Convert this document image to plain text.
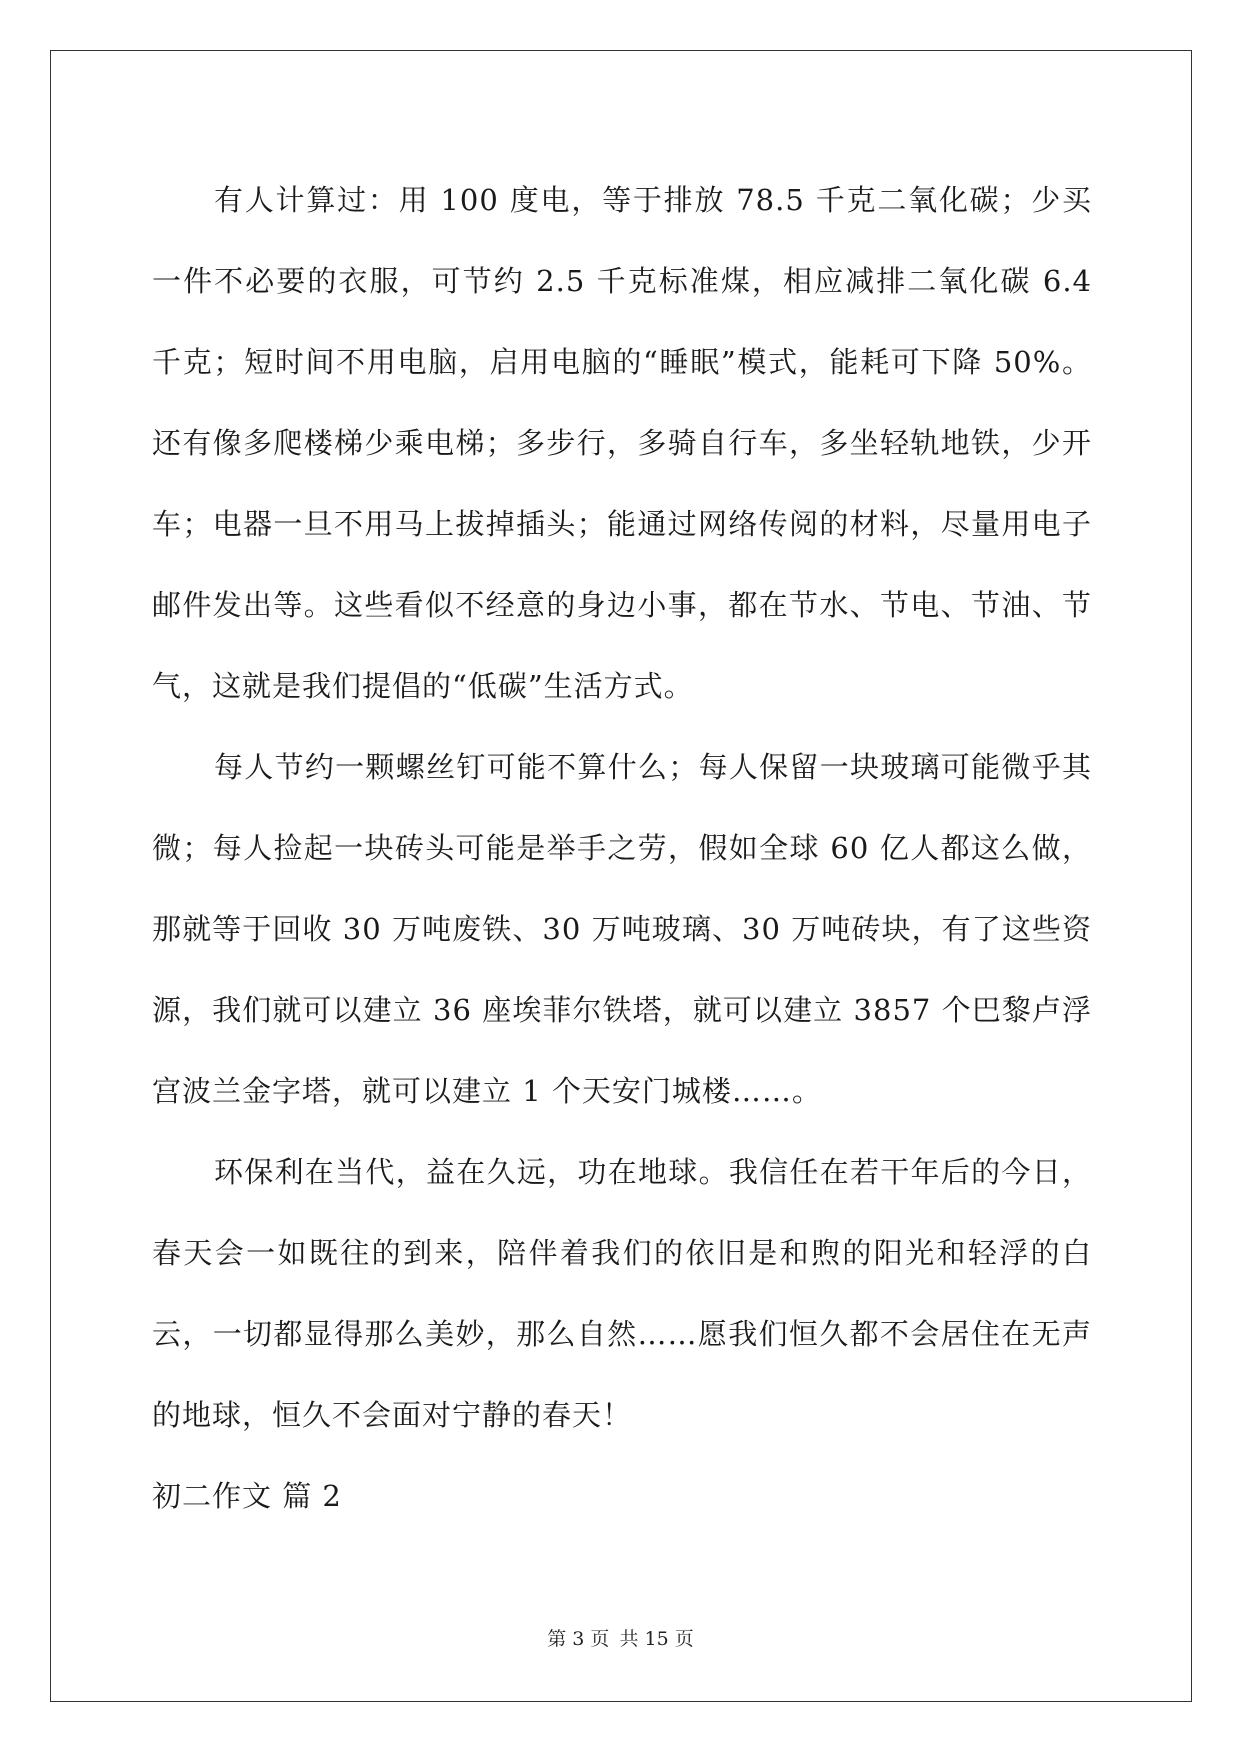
有人计算过：用 100 度电，等于排放 78.5 千克二氧化碳；少买一件不必要的衣服，可节约 2.5 千克标准煤，相应减排二氧化碳 6.4 千克；短时间不用电脑，启用电脑的“睡眠”模式，能耗可下降 50%。还有像多爬楼梯少乘电梯；多步行，多骑自行车，多坐轻轨地铁，少开车；电器一旦不用马上拔掉插头；能通过网络传阅的材料，尽量用电子邮件发出等。这些看似不经意的身边小事，都在节水、节电、节油、节气，这就是我们提倡的“低碳”生活方式。

每人节约一颗螺丝钉可能不算什么；每人保留一块玻璃可能微乎其微；每人捡起一块砖头可能是举手之劳，假如全球 60 亿人都这么做，那就等于回收 30 万吨废铁、30 万吨玻璃、30 万吨砖块，有了这些资源，我们就可以建立 36 座埃菲尔铁塔，就可以建立 3857 个巴黎卢浮宫波兰金字塔，就可以建立 1 个天安门城楼……。

环保利在当代，益在久远，功在地球。我信任在若干年后的今日，春天会一如既往的到来，陪伴着我们的依旧是和煦的阳光和轻浮的白云，一切都显得那么美妙，那么自然……愿我们恒久都不会居住在无声的地球，恒久不会面对宁静的春天！

初二作文 篇 2

第 3 页 共 15 页
